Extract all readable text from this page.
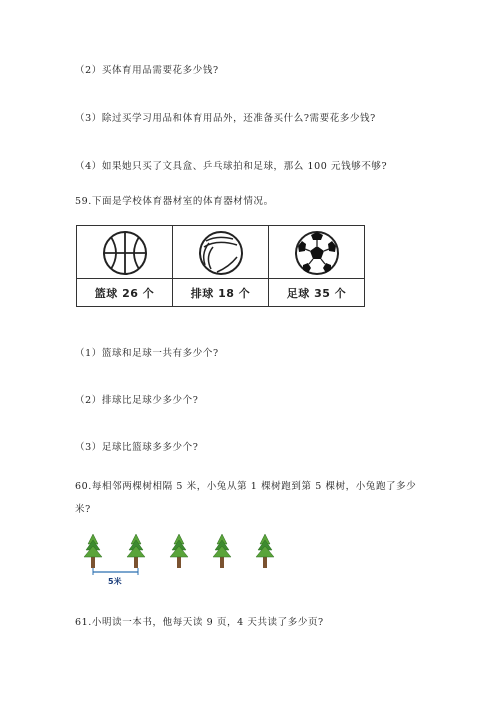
（2）买体育用品需要花多少钱?
（3）除过买学习用品和体育用品外，还准备买什么?需要花多少钱?
（4）如果她只买了文具盒、乒乓球拍和足球，那么 100 元钱够不够?
59.下面是学校体育器材室的体育器材情况。
篮球 26 个	排球 18 个	足球 35 个
（1）篮球和足球一共有多少个?
（2）排球比足球少多少个?
（3）足球比篮球多多少个?
60.每相邻两棵树相隔 5 米，小兔从第 1 棵树跑到第 5 棵树，小兔跑了多少
米?
5米
61.小明读一本书，他每天读 9 页，4 天共读了多少页?
